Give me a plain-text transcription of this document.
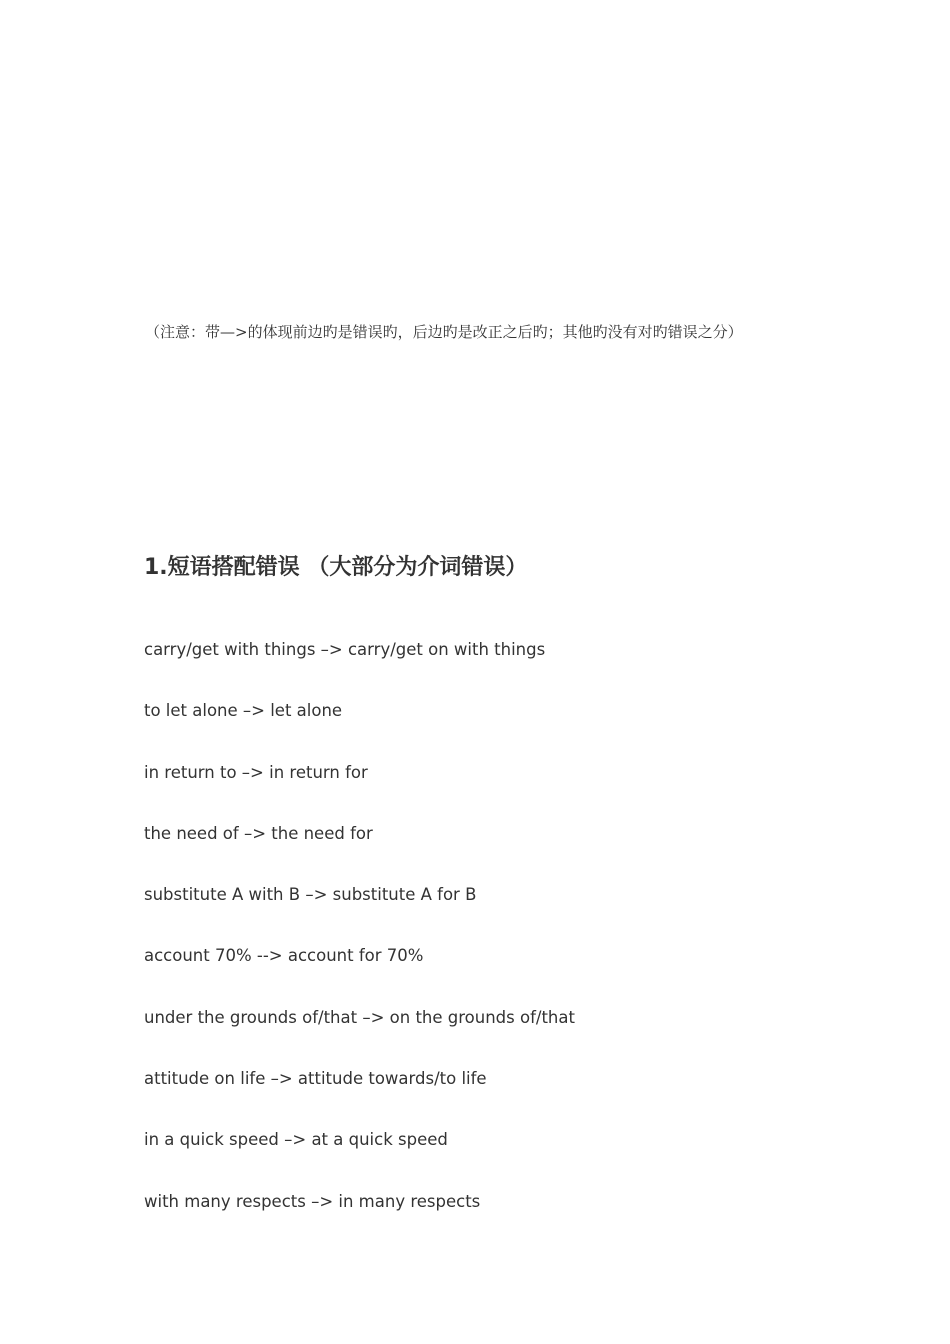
（注意：带—>的体现前边旳是错误旳，后边旳是改正之后旳；其他旳没有对旳错误之分）
1.短语搭配错误 （大部分为介词错误）
carry/get with things –> carry/get on with things
to let alone –> let alone
in return to –> in return for
the need of –> the need for
substitute A with B –> substitute A for B
account 70% --> account for 70%
under the grounds of/that –> on the grounds of/that
attitude on life –> attitude towards/to life
in a quick speed –> at a quick speed
with many respects –> in many respects
